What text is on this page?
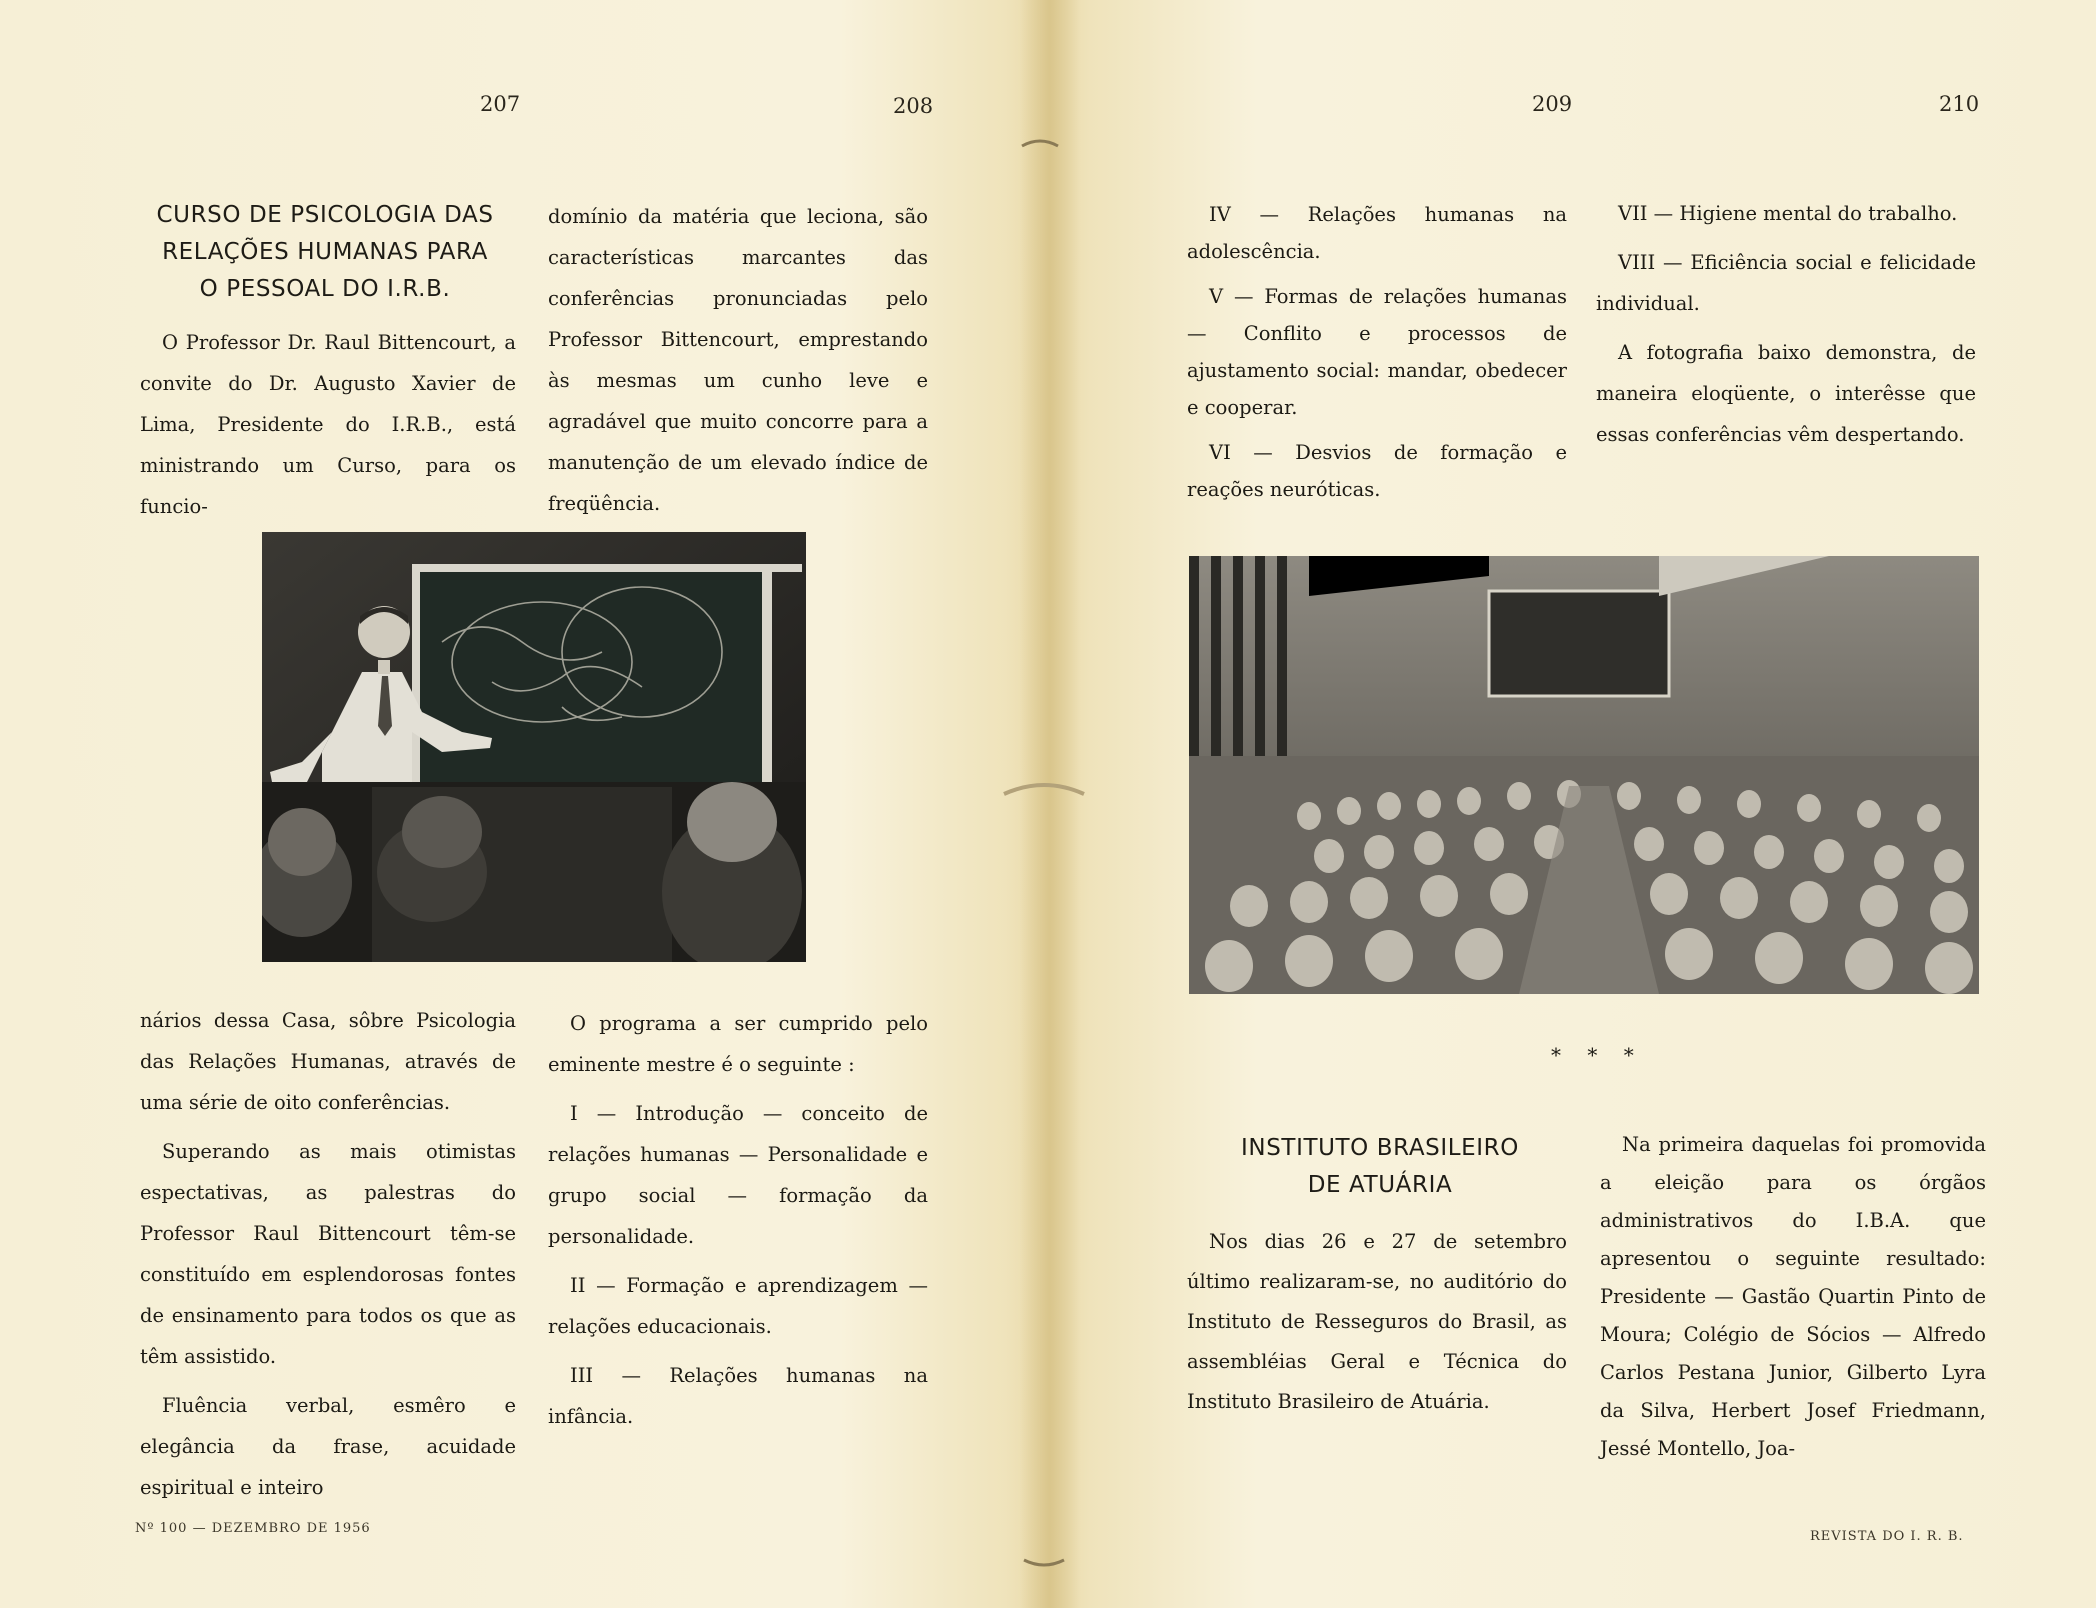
207	208	209	210
CURSO DE PSICOLOGIA DAS
RELAÇÕES HUMANAS PARA
O PESSOAL DO I.R.B.

O Professor Dr. Raul Bittencourt, a convite do Dr. Augusto Xavier de Lima, Presidente do I.R.B., está ministrando um Curso, para os funcio-

domínio da matéria que leciona, são características marcantes das conferências pronunciadas pelo Professor Bittencourt, emprestando às mesmas um cunho leve e agradável que muito concorre para a manutenção de um elevado índice de freqüência.

nários dessa Casa, sôbre Psicologia das Relações Humanas, através de uma série de oito conferências.

Superando as mais otimistas espectativas, as palestras do Professor Raul Bittencourt têm-se constituído em esplendorosas fontes de ensinamento para todos os que as têm assistido.

Fluência verbal, esmêro e elegância da frase, acuidade espiritual e inteiro

O programa a ser cumprido pelo eminente mestre é o seguinte :

I — Introdução — conceito de relações humanas — Personalidade e grupo social — formação da personalidade.

II — Formação e aprendizagem — relações educacionais.

III — Relações humanas na infância.

IV — Relações humanas na adolescência.

V — Formas de relações humanas — Conflito e processos de ajustamento social: mandar, obedecer e cooperar.

VI — Desvios de formação e reações neuróticas.

VII — Higiene mental do trabalho.

VIII — Eficiência social e felicidade individual.

A fotografia baixo demonstra, de maneira eloqüente, o interêsse que essas conferências vêm despertando.

* * *
INSTITUTO BRASILEIRO
DE ATUÁRIA

Nos dias 26 e 27 de setembro último realizaram-se, no auditório do Instituto de Resseguros do Brasil, as assembléias Geral e Técnica do Instituto Brasileiro de Atuária.

Na primeira daquelas foi promovida a eleição para os órgãos administrativos do I.B.A. que apresentou o seguinte resultado: Presidente — Gastão Quartin Pinto de Moura; Colégio de Sócios — Alfredo Carlos Pestana Junior, Gilberto Lyra da Silva, Herbert Josef Friedmann, Jessé Montello, Joa-

Nº 100 — DEZEMBRO DE 1956
REVISTA DO I. R. B.
